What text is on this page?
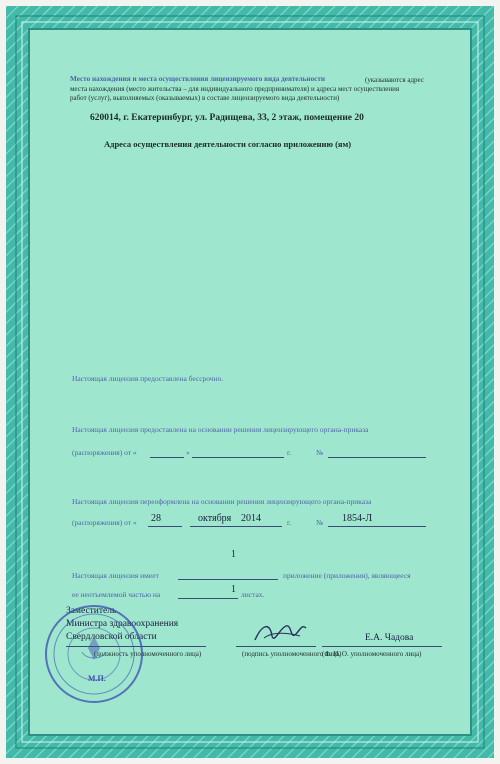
Место нахождения и места осуществления лицензируемого вида деятельности	(указываются адрес
места нахождения (место жительства – для индивидуального предпринимателя) и адреса мест осуществления
работ (услуг), выполняемых (оказываемых) в составе лицензируемого вида деятельности)
620014, г. Екатеринбург, ул. Радищева, 33, 2 этаж, помещение 20
Адреса осуществления деятельности согласно приложению (ям)
Настоящая лицензия предоставлена бессрочно.
Настоящая лицензия предоставлена на основании решения лицензирующего органа-приказа
(распоряжения) от «	»	г.	№
Настоящая лицензия переоформлена на основании решения лицензирующего органа-приказа
(распоряжения) от « 28	октября 2014	г.	№ 1854-Л
1
Настоящая лицензия имеет	приложение (приложения), являющееся
ее неотъемлемой частью на	1 листах.
Заместитель
Министра здравоохранения
Свердловской области
(должность уполномоченного лица)	(подпись уполномоченного лица)
Е.А. Чадова
(Ф. И. О. уполномоченного лица)
М.П.
